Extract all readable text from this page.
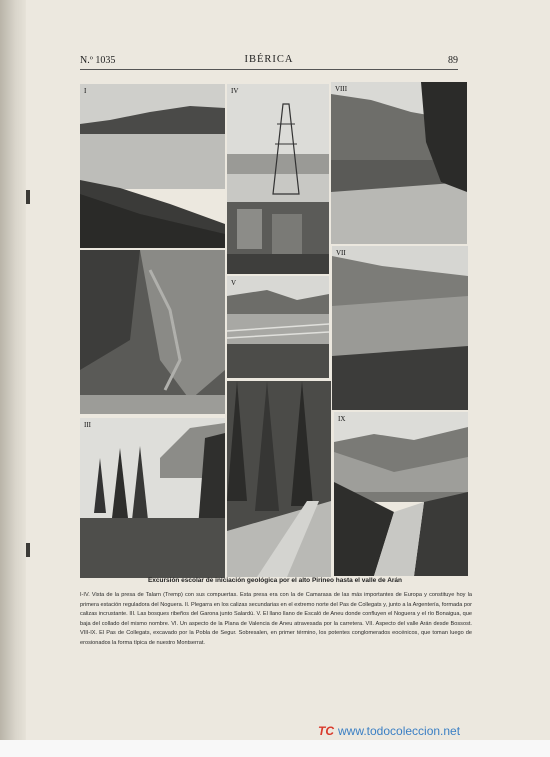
N.º 1035	IBÉRICA	89
I	IV	VIII
VII
V
III
IX
Excursión escolar de iniciación geológica por el alto Pirineo hasta el valle de Arán
I-IV. Vista de la presa de Talarn (Tremp) con sus compuertas. Esta presa era con la de Camarasa de las más importantes de Europa y constituye hoy la primera estación reguladora del Noguera. II. Plegarra en los calizas secundarias en el extremo norte del Pas de Collegats y, junto a la Argentería, formada por calizas incrustante. III. Las bosques ribeños del Garona junto Salardú. V. El llano llano de Escaló de Aneu donde confluyen el Noguera y el río Bonaigua, que baja del collado del mismo nombre. VI. Un aspecto de la Plana de Valencia de Aneu atravesada por la carretera. VII. Aspecto del valle Arán desde Bossost. VIII-IX. El Pas de Collegats, excavado por la Pobla de Segur. Sobresalen, en primer término, los potentes conglomerados eocénicos, que toman luego de erosionados la forma típica de nuestro Montserrat.
TC www.todocoleccion.net
